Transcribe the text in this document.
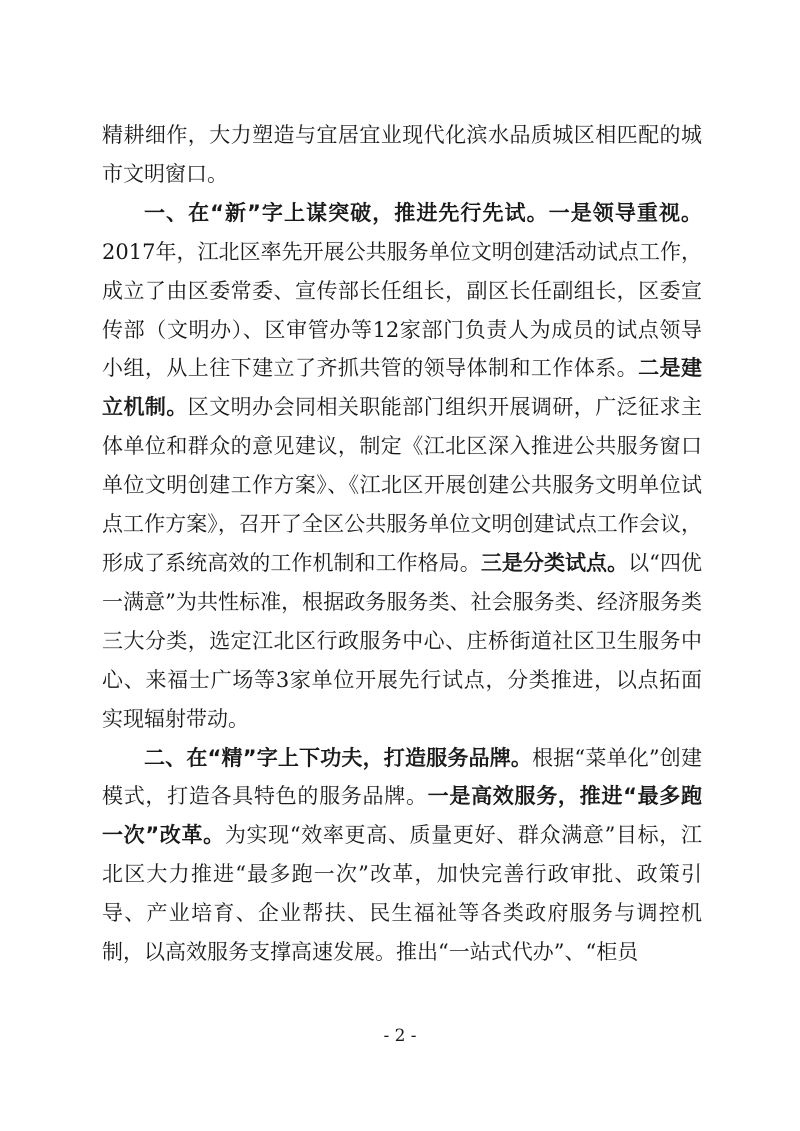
精耕细作，大力塑造与宜居宜业现代化滨水品质城区相匹配的城市文明窗口。

一、在“新”字上谋突破，推进先行先试。一是领导重视。2017年，江北区率先开展公共服务单位文明创建活动试点工作，成立了由区委常委、宣传部长任组长，副区长任副组长，区委宣传部（文明办）、区审管办等12家部门负责人为成员的试点领导小组，从上往下建立了齐抓共管的领导体制和工作体系。二是建立机制。区文明办会同相关职能部门组织开展调研，广泛征求主体单位和群众的意见建议，制定《江北区深入推进公共服务窗口单位文明创建工作方案》、《江北区开展创建公共服务文明单位试点工作方案》，召开了全区公共服务单位文明创建试点工作会议，形成了系统高效的工作机制和工作格局。三是分类试点。以“四优一满意”为共性标准，根据政务服务类、社会服务类、经济服务类三大分类，选定江北区行政服务中心、庄桥街道社区卫生服务中心、来福士广场等3家单位开展先行试点，分类推进，以点拓面实现辐射带动。

二、在“精”字上下功夫，打造服务品牌。根据“菜单化”创建模式，打造各具特色的服务品牌。一是高效服务，推进“最多跑一次”改革。为实现“效率更高、质量更好、群众满意”目标，江北区大力推进“最多跑一次”改革，加快完善行政审批、政策引导、产业培育、企业帮扶、民生福祉等各类政府服务与调控机制，以高效服务支撑高速发展。推出“一站式代办”、“柜员

- 2 -
